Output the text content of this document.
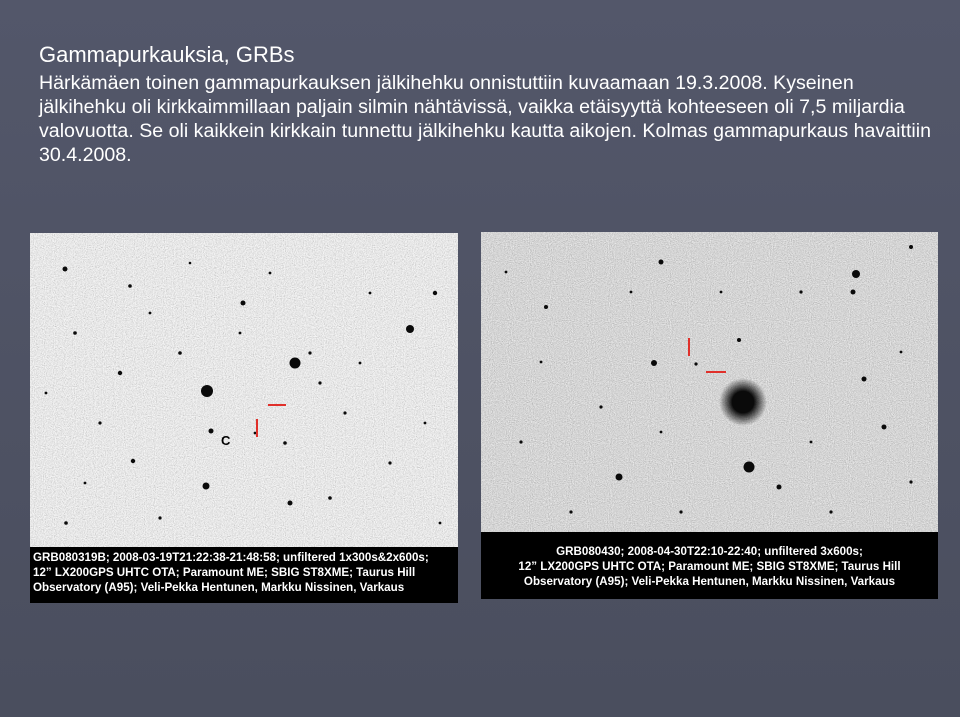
Gammapurkauksia, GRBs
Härkämäen toinen gammapurkauksen jälkihehku onnistuttiin kuvaamaan 19.3.2008. Kyseinen jälkihehku oli kirkkaimmillaan paljain silmin nähtävissä, vaikka etäisyyttä kohteeseen oli 7,5 miljardia valovuotta. Se oli kaikkein kirkkain tunnettu jälkihehku kautta aikojen. Kolmas gammapurkaus havaittiin 30.4.2008.
C
GRB080319B; 2008-03-19T21:22:38-21:48:58; unfiltered 1x300s&2x600s;
12” LX200GPS UHTC OTA; Paramount ME; SBIG ST8XME; Taurus Hill
Observatory (A95); Veli-Pekka Hentunen, Markku Nissinen, Varkaus
GRB080430; 2008-04-30T22:10-22:40; unfiltered 3x600s;
12” LX200GPS UHTC OTA; Paramount ME; SBIG ST8XME; Taurus Hill
Observatory (A95); Veli-Pekka Hentunen, Markku Nissinen, Varkaus
